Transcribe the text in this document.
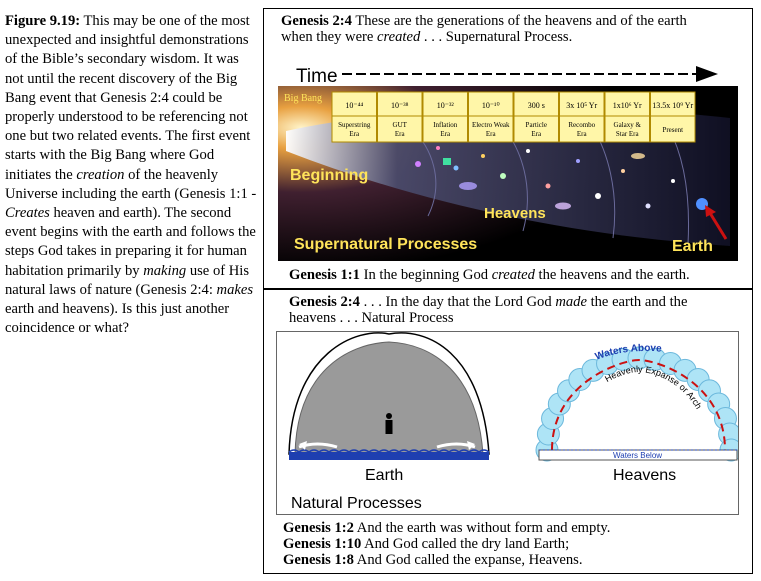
Figure 9.19: This may be one of the most unexpected and insightful demonstrations of the Bible’s secondary wisdom. It was not until the recent discovery of the Big Bang event that Genesis 2:4 could be properly understood to be referencing not one but two related events. The first event starts with the Big Bang where God initiates the creation of the heavenly Universe including the earth (Genesis 1:1 - Creates heaven and earth). The second event begins with the earth and follows the steps God takes in preparing it for human habitation primarily by making use of His natural laws of nature (Genesis 2:4: makes earth and heavens). Is this just another coincidence or what?
Genesis 2:4 These are the generations of the heavens and of the earth
when they were created . . . Supernatural Process.
Time
Big Bang
Beginning
Heavens
Supernatural Processes	Earth
10⁻⁴⁴
Superstring
Era
10⁻³⁸
GUT
Era
10⁻³²
Inflation
Era
10⁻¹⁰
Electro Weak
Era
300 s
Particle
Era
3x 10⁵ Yr
Recombo
Era
1x10⁶ Yr
Galaxy &
Star Era
13.5x 10⁹ Yr
Present
Genesis 1:1 In the beginning God created the heavens and the earth.
Genesis 2:4 . . . In the day that the Lord God made the earth and the
heavens . . . Natural Process
Earth
Natural Processes
Heavenly Expanse or Arch
Waters Above
Waters Below
Heavens
Genesis 1:2 And the earth was without form and empty.
Genesis 1:10 And God called the dry land Earth;
Genesis 1:8 And God called the expanse, Heavens.
